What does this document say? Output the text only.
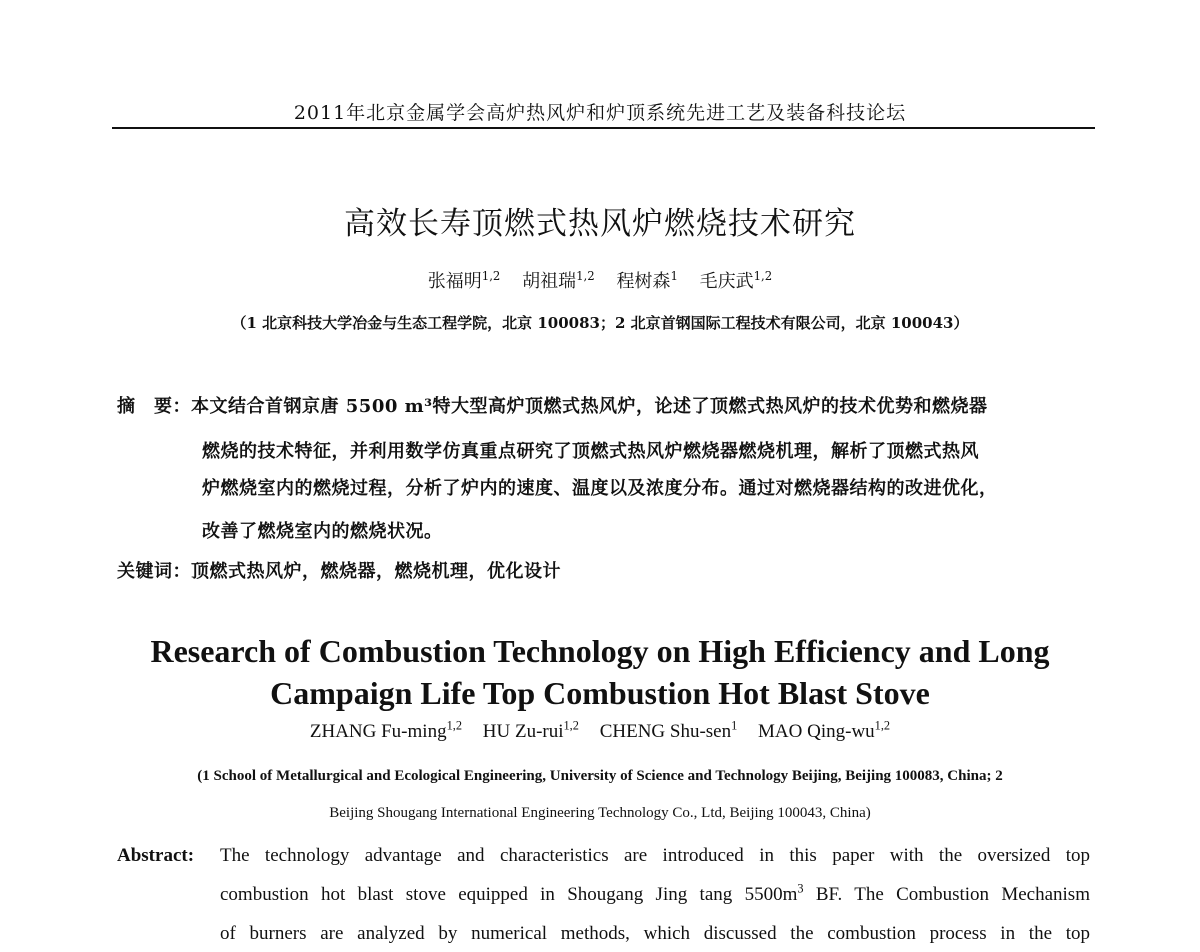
2011年北京金属学会高炉热风炉和炉顶系统先进工艺及装备科技论坛
高效长寿顶燃式热风炉燃烧技术研究
张福明$^{1,2}$ 胡祖瑞$^{1,2}$ 程树森$^1$ 毛庆武$^{1,2}$
（1 北京科技大学冶金与生态工程学院，北京 100083；2 北京首钢国际工程技术有限公司，北京 100043）
摘　要：本文结合首钢京唐 5500 m³特大型高炉顶燃式热风炉，论述了顶燃式热风炉的技术优势和燃烧器
燃烧的技术特征，并利用数学仿真重点研究了顶燃式热风炉燃烧器燃烧机理，解析了顶燃式热风
炉燃烧室内的燃烧过程，分析了炉内的速度、温度以及浓度分布。通过对燃烧器结构的改进优化，
改善了燃烧室内的燃烧状况。
关键词：顶燃式热风炉，燃烧器，燃烧机理，优化设计
Research of Combustion Technology on High Efficiency and Long
Campaign Life Top Combustion Hot Blast Stove
ZHANG Fu-ming$^{1,2}$ HU Zu-rui$^{1,2}$ CHENG Shu-sen$^1$ MAO Qing-wu$^{1,2}$
(1 School of Metallurgical and Ecological Engineering, University of Science and Technology Beijing, Beijing 100083, China; 2
Beijing Shougang International Engineering Technology Co., Ltd, Beijing 100043, China)
Abstract: The technology advantage and characteristics are introduced in this paper with the oversized top
combustion hot blast stove equipped in Shougang Jing tang $5500m^3$ BF. The Combustion Mechanism
of burners are analyzed by numerical methods, which discussed the combustion process in the top
